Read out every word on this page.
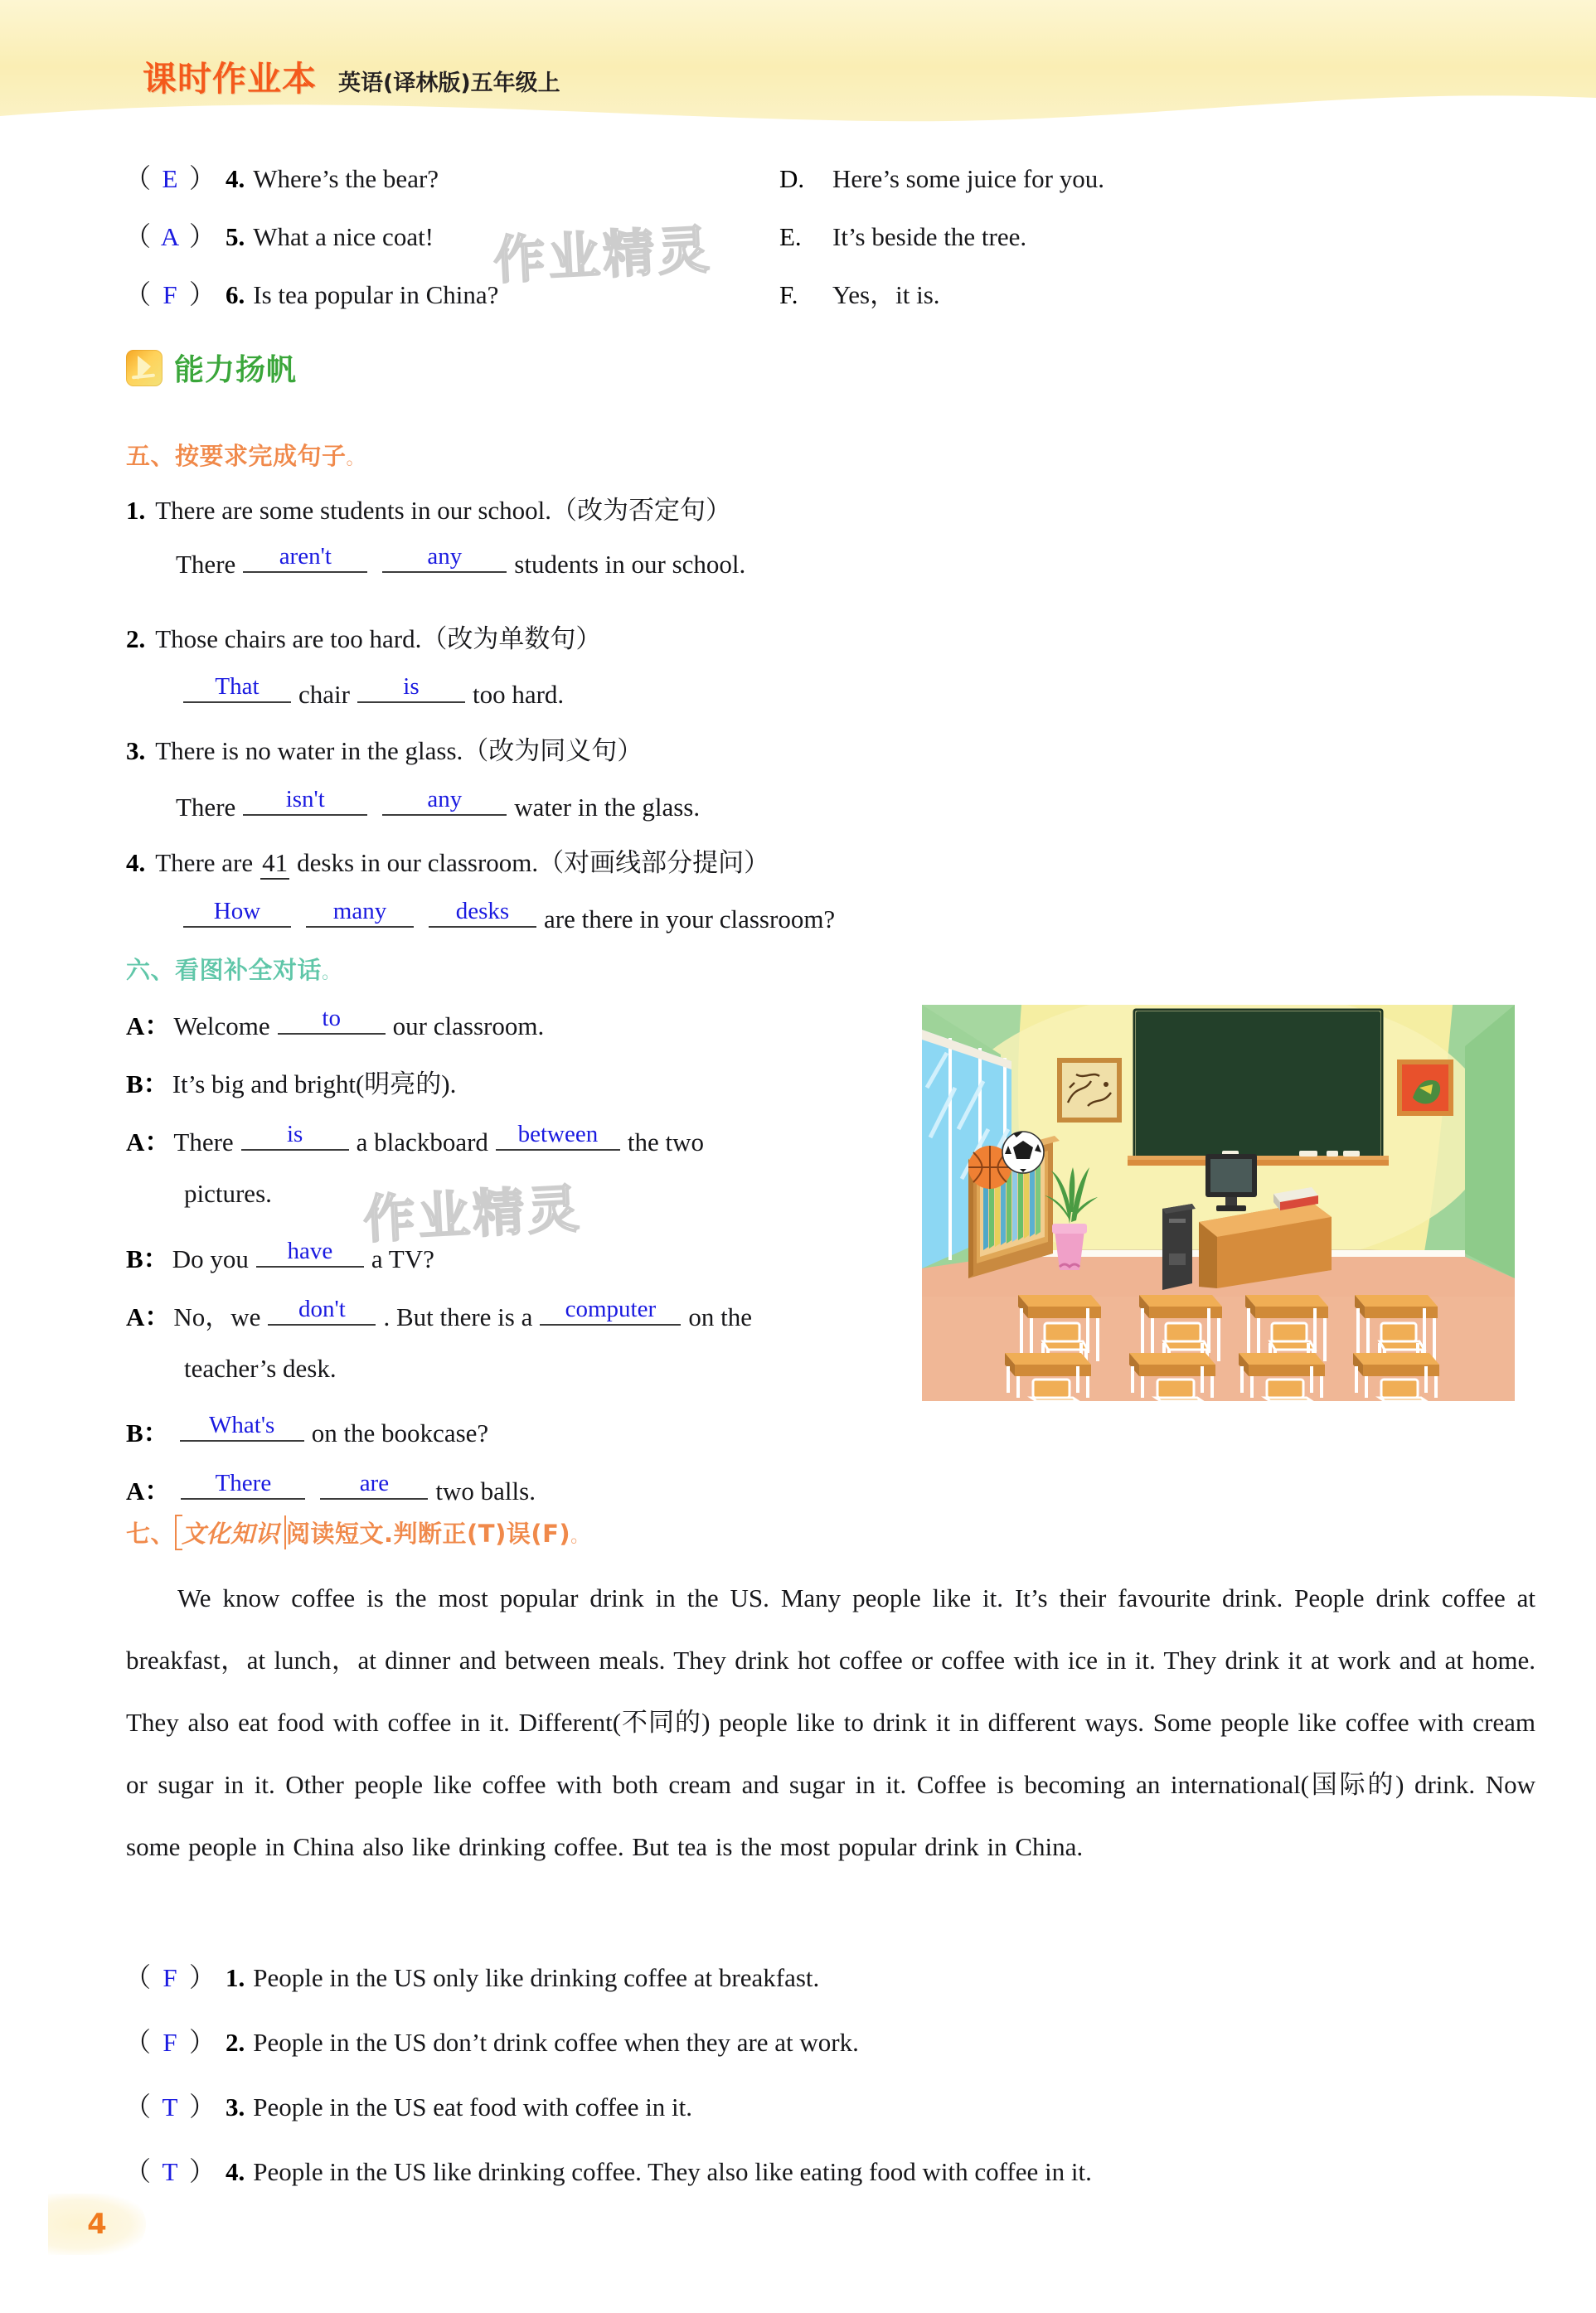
课时作业本 英语(译林版)五年级上
（ E ） 4. Where’s the bear?	D.	Here’s some juice for you.
（ A ） 5. What a nice coat!	E.	It’s beside the tree.
（ F ） 6. Is tea popular in China?	F.	Yes，it is.
能力扬帆
五、按要求完成句子。
1. There are some students in our school.（改为否定句）
There	aren't	any	students in our school.
2. Those chairs are too hard.（改为单数句）
That	chair	is	too hard.
3. There is no water in the glass.（改为同义句）
There	isn't	any	water in the glass.
4. There are 41 desks in our classroom.（对画线部分提问）
How	many	desks	are there in your classroom?
六、看图补全对话。
A： Welcome	to	our classroom.
B： It’s big and bright(明亮的).
A： There	is	a blackboard	between	the two
pictures.
B： Do you	have	a TV?
A： No，we	don't	. But there is a	computer	on the
teacher’s desk.
B：	What's	on the bookcase?
A：	There	are	two balls.
七、 文化知识 阅读短文.判断正(T)误(F)。
We know coffee is the most popular drink in the US. Many people like it. It’s their favourite drink. People drink coffee at breakfast，at lunch，at dinner and between meals. They drink hot coffee or coffee with ice in it. They drink it at work and at home. They also eat food with coffee in it. Different(不同的) people like to drink it in different ways. Some people like coffee with cream or sugar in it. Other people like coffee with both cream and sugar in it. Coffee is becoming an international(国际的) drink. Now some people in China also like drinking coffee. But tea is the most popular drink in China.
（ F ） 1. People in the US only like drinking coffee at breakfast.
（ F ） 2. People in the US don’t drink coffee when they are at work.
（ T ） 3. People in the US eat food with coffee in it.
（ T ） 4. People in the US like drinking coffee. They also like eating food with coffee in it.
作业精灵
作业精灵
4
